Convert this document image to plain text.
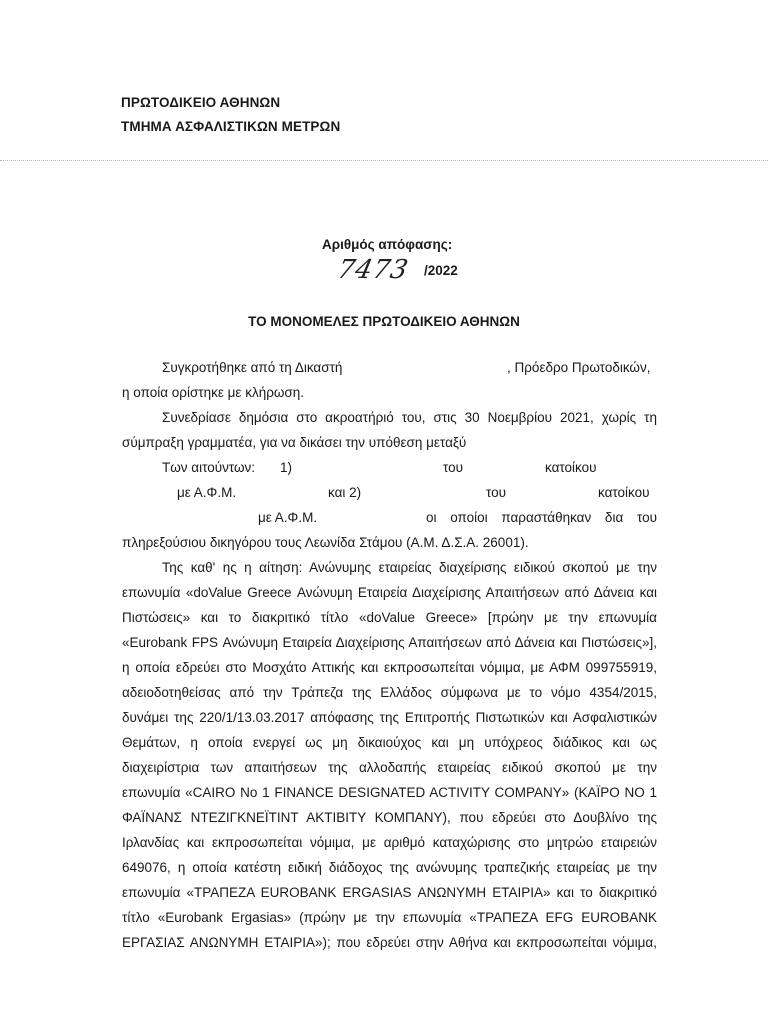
ΠΡΩΤΟΔΙΚΕΙΟ ΑΘΗΝΩΝ
ΤΜΗΜΑ ΑΣΦΑΛΙΣΤΙΚΩΝ ΜΕΤΡΩΝ
Αριθμός απόφασης:
7473 /2022
ΤΟ ΜΟΝΟΜΕΛΕΣ ΠΡΩΤΟΔΙΚΕΙΟ ΑΘΗΝΩΝ
Συγκροτήθηκε από τη Δικαστή	, Πρόεδρο Πρωτοδικών,
η οποία ορίστηκε με κλήρωση.
Συνεδρίασε δημόσια στο ακροατήριό του, στις 30 Νοεμβρίου 2021, χωρίς τη
σύμπραξη γραμματέα, για να δικάσει την υπόθεση μεταξύ
Των αιτούντων: 1)	του	κατοίκου
με Α.Φ.Μ.	και 2)	του	κατοίκου
με Α.Φ.Μ.	οι οποίοι παραστάθηκαν δια του
πληρεξούσιου δικηγόρου τους Λεωνίδα Στάμου (Α.Μ. Δ.Σ.Α. 26001).
Της καθ' ης η αίτηση: Ανώνυμης εταιρείας διαχείρισης ειδικού σκοπού με την
επωνυμία «doValue Greece Ανώνυμη Εταιρεία Διαχείρισης Απαιτήσεων από Δάνεια και
Πιστώσεις» και το διακριτικό τίτλο «doValue Greece» [πρώην με την επωνυμία
«Eurobank FPS Ανώνυμη Εταιρεία Διαχείρισης Απαιτήσεων από Δάνεια και Πιστώσεις»],
η οποία εδρεύει στο Μοσχάτο Αττικής και εκπροσωπείται νόμιμα, με ΑΦΜ 099755919,
αδειοδοτηθείσας από την Τράπεζα της Ελλάδος σύμφωνα με το νόμο 4354/2015,
δυνάμει της 220/1/13.03.2017 απόφασης της Επιτροπής Πιστωτικών και Ασφαλιστικών
Θεμάτων, η οποία ενεργεί ως μη δικαιούχος και μη υπόχρεος διάδικος και ως
διαχειρίστρια των απαιτήσεων της αλλοδαπής εταιρείας ειδικού σκοπού με την
επωνυμία «CAIRO No 1 FINANCE DESIGNATED ACTIVITY COMPANY» (ΚΑΪΡΟ ΝΟ 1
ΦΑΪΝΑΝΣ ΝΤΕΖΙΓΚΝΕΪΤΙΝΤ ΑΚΤΙΒΙΤΥ ΚΟΜΠΑΝΥ), που εδρεύει στο Δουβλίνο της
Ιρλανδίας και εκπροσωπείται νόμιμα, με αριθμό καταχώρισης στο μητρώο εταιρειών
649076, η οποία κατέστη ειδική διάδοχος της ανώνυμης τραπεζικής εταιρείας με την
επωνυμία «ΤΡΑΠΕΖΑ EUROBANK ERGASIAS ΑΝΩΝΥΜΗ ΕΤΑΙΡΙΑ» και το διακριτικό
τίτλο «Eurobank Ergasias» (πρώην με την επωνυμία «ΤΡΑΠΕΖΑ EFG EUROBANK
ΕΡΓΑΣΙΑΣ ΑΝΩΝΥΜΗ ΕΤΑΙΡΙΑ»); που εδρεύει στην Αθήνα και εκπροσωπείται νόμιμα,
